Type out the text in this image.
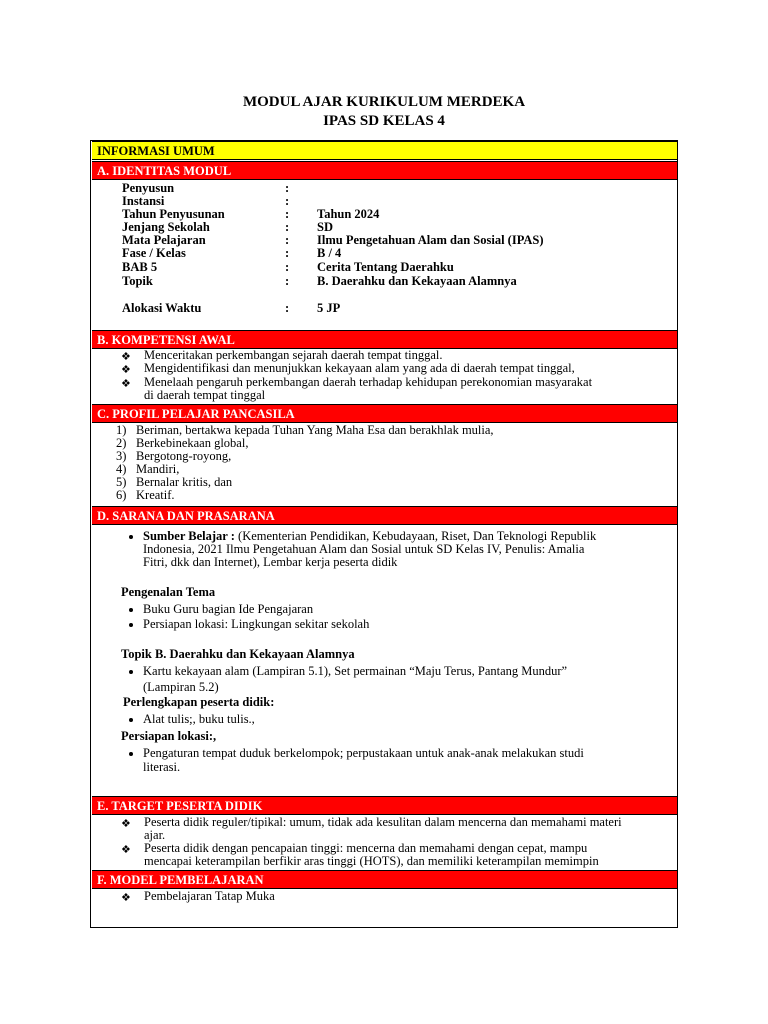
MODUL AJAR KURIKULUM MERDEKA
IPAS SD KELAS 4
INFORMASI UMUM
A. IDENTITAS MODUL
Penyusun	:
Instansi	:
Tahun Penyusunan	: Tahun 2024
Jenjang Sekolah	: SD
Mata Pelajaran	: Ilmu Pengetahuan Alam dan Sosial (IPAS)
Fase / Kelas	: B / 4
BAB 5	: Cerita Tentang Daerahku
Topik	: B. Daerahku dan Kekayaan Alamnya
Alokasi Waktu	: 5 JP
B. KOMPETENSI AWAL
❖ Menceritakan perkembangan sejarah daerah tempat tinggal.
❖ Mengidentifikasi dan menunjukkan kekayaan alam yang ada di daerah tempat tinggal,
❖ Menelaah pengaruh perkembangan daerah terhadap kehidupan perekonomian masyarakat
di daerah tempat tinggal
C. PROFIL PELAJAR PANCASILA
1) Beriman, bertakwa kepada Tuhan Yang Maha Esa dan berakhlak mulia,
2) Berkebinekaan global,
3) Bergotong-royong,
4) Mandiri,
5) Bernalar kritis, dan
6) Kreatif.
D. SARANA DAN PRASARANA
Sumber Belajar : (Kementerian Pendidikan, Kebudayaan, Riset, Dan Teknologi Republik
Indonesia, 2021 Ilmu Pengetahuan Alam dan Sosial untuk SD Kelas IV, Penulis: Amalia
Fitri, dkk dan Internet), Lembar kerja peserta didik
Pengenalan Tema
Buku Guru bagian Ide Pengajaran
Persiapan lokasi: Lingkungan sekitar sekolah
Topik B. Daerahku dan Kekayaan Alamnya
Kartu kekayaan alam (Lampiran 5.1), Set permainan “Maju Terus, Pantang Mundur”
(Lampiran 5.2)
Perlengkapan peserta didik:
Alat tulis;, buku tulis.,
Persiapan lokasi:,
Pengaturan tempat duduk berkelompok; perpustakaan untuk anak-anak melakukan studi
literasi.
E. TARGET PESERTA DIDIK
❖ Peserta didik reguler/tipikal: umum, tidak ada kesulitan dalam mencerna dan memahami materi
ajar.
❖ Peserta didik dengan pencapaian tinggi: mencerna dan memahami dengan cepat, mampu
mencapai keterampilan berfikir aras tinggi (HOTS), dan memiliki keterampilan memimpin
F. MODEL PEMBELAJARAN
❖ Pembelajaran Tatap Muka
